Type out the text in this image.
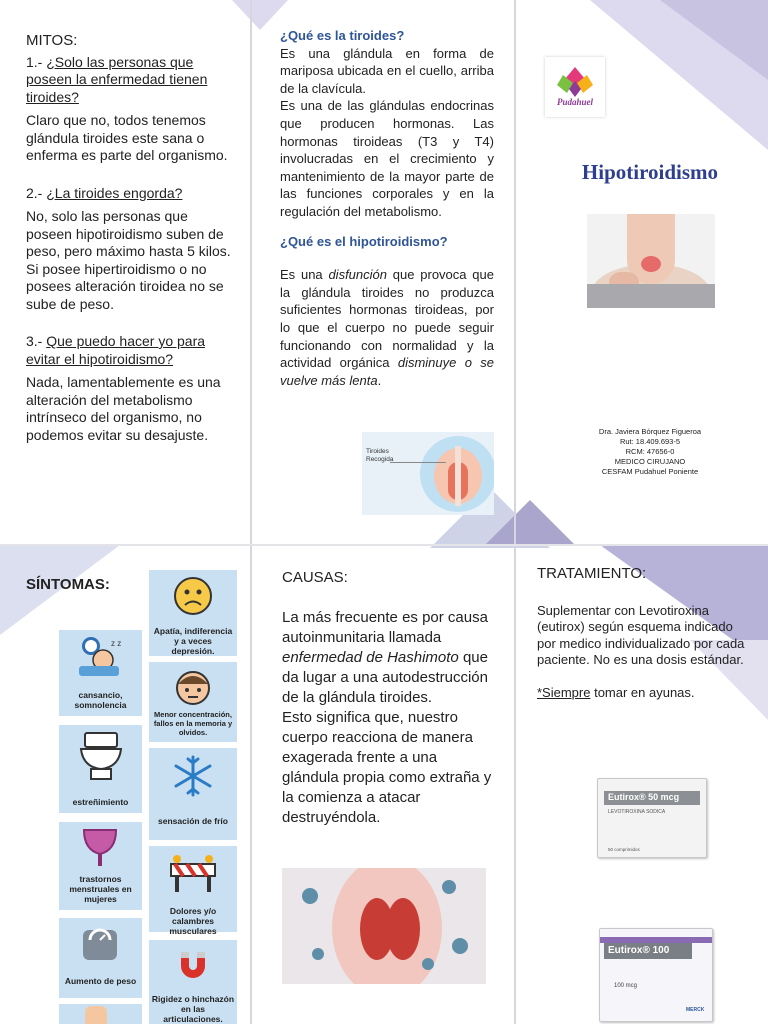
MITOS:
1.- ¿Solo las personas que poseen la enfermedad tienen tiroides?
Claro que no, todos tenemos glándula tiroides este sana o enferma es parte del organismo.
2.- ¿La tiroides engorda?
No, solo las personas que poseen hipotiroidismo suben de peso, pero máximo hasta 5 kilos. Si posee hipertiroidismo o no posees alteración tiroidea no se sube de peso.
3.- Que puedo hacer yo para evitar el hipotiroidismo?
Nada, lamentablemente es una alteración del metabolismo intrínseco del organismo, no podemos evitar su desajuste.
¿Qué es la tiroides?
Es una glándula en forma de mariposa ubicada en el cuello, arriba de la clavícula.
Es una de las glándulas endocrinas que producen hormonas. Las hormonas tiroideas (T3 y T4) involucradas en el crecimiento y mantenimiento de la mayor parte de las funciones corporales y en la regulación del metabolismo.
¿Qué es el hipotiroidismo?
Es una disfunción que provoca que la glándula tiroides no produzca suficientes hormonas tiroideas, por lo que el cuerpo no puede seguir funcionando con normalidad y la actividad orgánica disminuye o se vuelve más lenta.
Tiroides Recogida
Pudahuel
Hipotiroidismo
Dra. Javiera Bórquez Figueroa
Rut: 18.409.693-5
RCM: 47656-0
MEDICO CIRUJANO
CESFAM Pudahuel Poniente
SÍNTOMAS:
Apatía, indiferencia y a veces depresión.
Menor concentración, fallos en la memoria y olvidos.
sensación de frío
Dolores y/o calambres musculares
Rigidez o hinchazón en las articulaciones.
z z
cansancio, somnolencia
estreñimiento
trastornos menstruales en mujeres
Aumento de peso
CAUSAS:
La más frecuente es por causa autoinmunitaria llamada enfermedad de Hashimoto que da lugar a una autodestrucción de la glándula tiroides.
Esto significa que, nuestro cuerpo reacciona de manera exagerada frente a una glándula propia como extraña y la comienza a atacar destruyéndola.
TRATAMIENTO:
Suplementar con Levotiroxina (eutirox) según esquema indicado por medico individualizado por cada paciente. No es una dosis estándar.
*Siempre tomar en ayunas.
Eutirox® 50 mcg
LEVOTIROXINA SODICA
50 comprimidos
Eutirox® 100
100 mcg
MERCK
